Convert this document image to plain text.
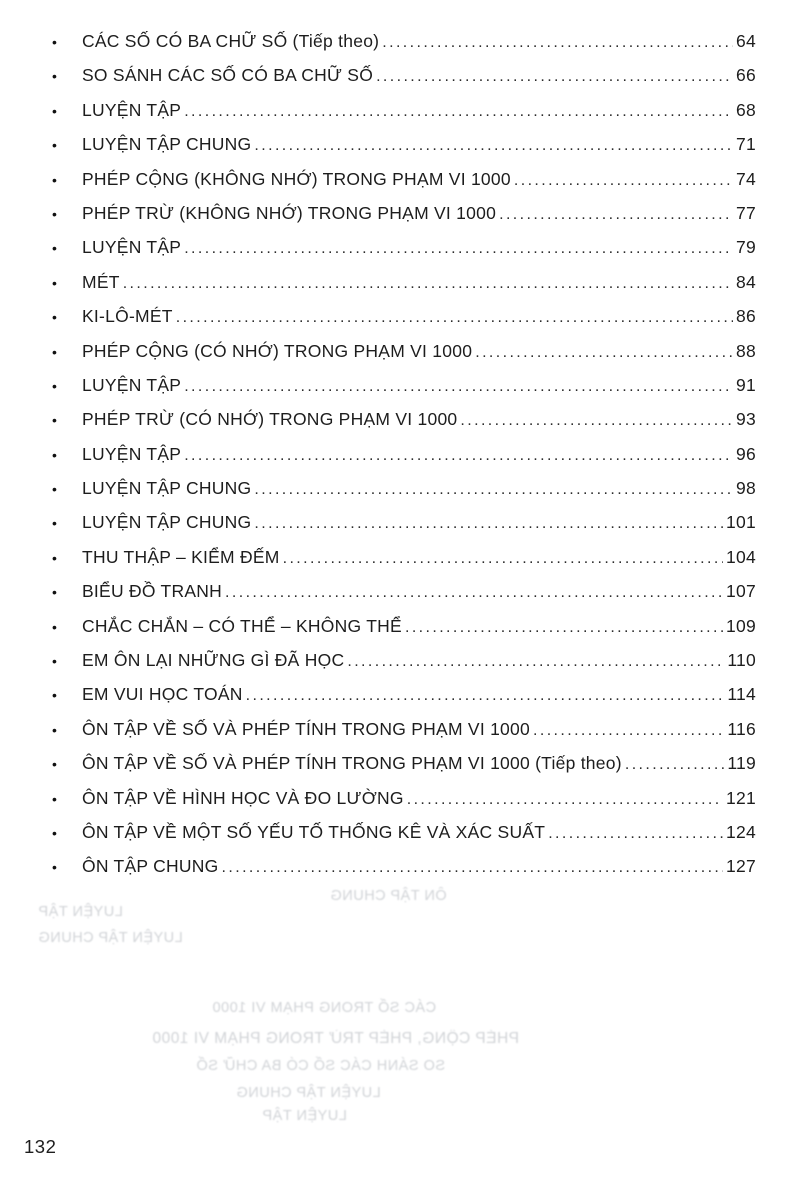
ÔN TẬP CHUNG
LUYỆN TẬP
LUYỆN TẬP CHUNG
CÁC SỐ TRONG PHẠM VI 1000
PHÉP CỘNG, PHÉP TRỪ TRONG PHẠM VI 1000
SO SÁNH CÁC SỐ CÓ BA CHỮ SỐ
LUYỆN TẬP CHUNG
LUYỆN TẬP
•	CÁC SỐ CÓ BA CHỮ SỐ (Tiếp theo) .....	64
•	SO SÁNH CÁC SỐ CÓ BA CHỮ SỐ .....	66
•	LUYỆN TẬP .....	68
•	LUYỆN TẬP CHUNG .....	71
•	PHÉP CỘNG (KHÔNG NHỚ) TRONG PHẠM VI 1000 .....	74
•	PHÉP TRỪ (KHÔNG NHỚ) TRONG PHẠM VI 1000 .....	77
•	LUYỆN TẬP .....	79
•	MÉT .....	84
•	KI-LÔ-MÉT .....	86
•	PHÉP CỘNG (CÓ NHỚ) TRONG PHẠM VI 1000 .....	88
•	LUYỆN TẬP .....	91
•	PHÉP TRỪ (CÓ NHỚ) TRONG PHẠM VI 1000 .....	93
•	LUYỆN TẬP .....	96
•	LUYỆN TẬP CHUNG .....	98
•	LUYỆN TẬP CHUNG .....	101
•	THU THẬP – KIỂM ĐẾM .....	104
•	BIỂU ĐỒ TRANH .....	107
•	CHẮC CHẮN – CÓ THỂ – KHÔNG THỂ .....	109
•	EM ÔN LẠI NHỮNG GÌ ĐÃ HỌC .....	110
•	EM VUI HỌC TOÁN .....	114
•	ÔN TẬP VỀ SỐ VÀ PHÉP TÍNH TRONG PHẠM VI 1000 .....	116
•	ÔN TẬP VỀ SỐ VÀ PHÉP TÍNH TRONG PHẠM VI 1000 (Tiếp theo) .....	119
•	ÔN TẬP VỀ HÌNH HỌC VÀ ĐO LƯỜNG .....	121
•	ÔN TẬP VỀ MỘT SỐ YẾU TỐ THỐNG KÊ VÀ XÁC SUẤT .....	124
•	ÔN TẬP CHUNG .....	127
132
